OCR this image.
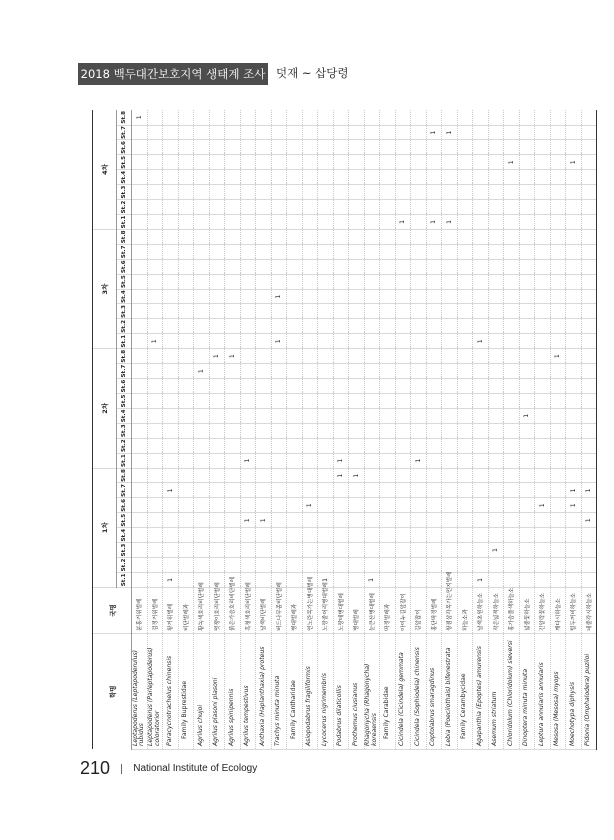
2018 백두대간보호지역 생태계 조사 덧재 ~ 삽당령
학명	국명	1차								2차								3차								4차							
		St.1	St.2	St.3	St.4	St.5	St.6	St.7	St.8	St.1	St.2	St.3	St.4	St.5	St.6	St.7	St.8	St.1	St.2	St.3	St.4	St.5	St.6	St.7	St.8	St.1	St.2	St.3	St.4	St.5	St.6	St.7	St.8
Leptapoderus (Leptapoderulus) rubidus	분홍거위벌레																																1
Leptapoderus (Parleptapoderus) coloratorior	검정거위벌레																	1															
Paracycnotrachelus chinensis	왕거위벌레	1						1																									
Family Buprestidae	비단벌레과																																
Agrilus chujoi	황녹색호리비단벌레															1																	
Agrilus plasoni plasoni	멋쟁이호리비단벌레																1																
Agrilus spinipennis	붉은가슴호리비단벌레																1																
Agrilus tempestivus	흑청색호리비단벌레					1				1																							
Anthaxia (Haplanthaxia) proteus	남색비단벌레					1																											
Trachys minuta minuta	버드나무좀비단벌레																	1			1												
Family Cantharidae	병대벌레과																																
Asiopodabrus fragiliformis	연노란목가는병대벌레						1																										
Lycocerus nigrimembris	노랑줄어리병대벌레	1																															
Podabrus dilaticollis	노랑테병대벌레								1	1																							
Prothemus ciusianus	병대벌레								1																								
Rhagonycha (Rhagonycha) koreaensis	눈큰산병대벌레	1																															
Family Carabidae	딱정벌레과																																
Cicindela (Cicindela) gemmata	아이누길앞잡이																									1							
Cicindela (Sophiodela) chinensis	길앞잡이									1																							
Coptolabrus smaragdinus	홍단딱정벌레																									1						1	
Lebia (Poecilothais) bifenestrata	쌍점삼각목가는먼지벌레																									1						1	
Family Cerambycidae	하늘소과																																
Agapanthia (Epoptes) amurensis	남색초원하늘소	1																1															
Asemum striatum	작은넓적하늘소			1																													
Chloridolum (Chloridolum) sieversi	홍가슴풀색하늘소																													1			
Dinoptera minuta minuta	넓줄꽃하늘소												1																				
Leptura annularis annularis	긴알락꽃하늘소						1																										
Mesosa (Mesosa) myops	깨다시하늘소																1																
Moechotypa diphysis	털두꺼비하늘소						1	1																						1			
Pidonia (Omphalodera) puziloi	네줄각시하늘소					1		1																									
210 National Institute of Ecology
